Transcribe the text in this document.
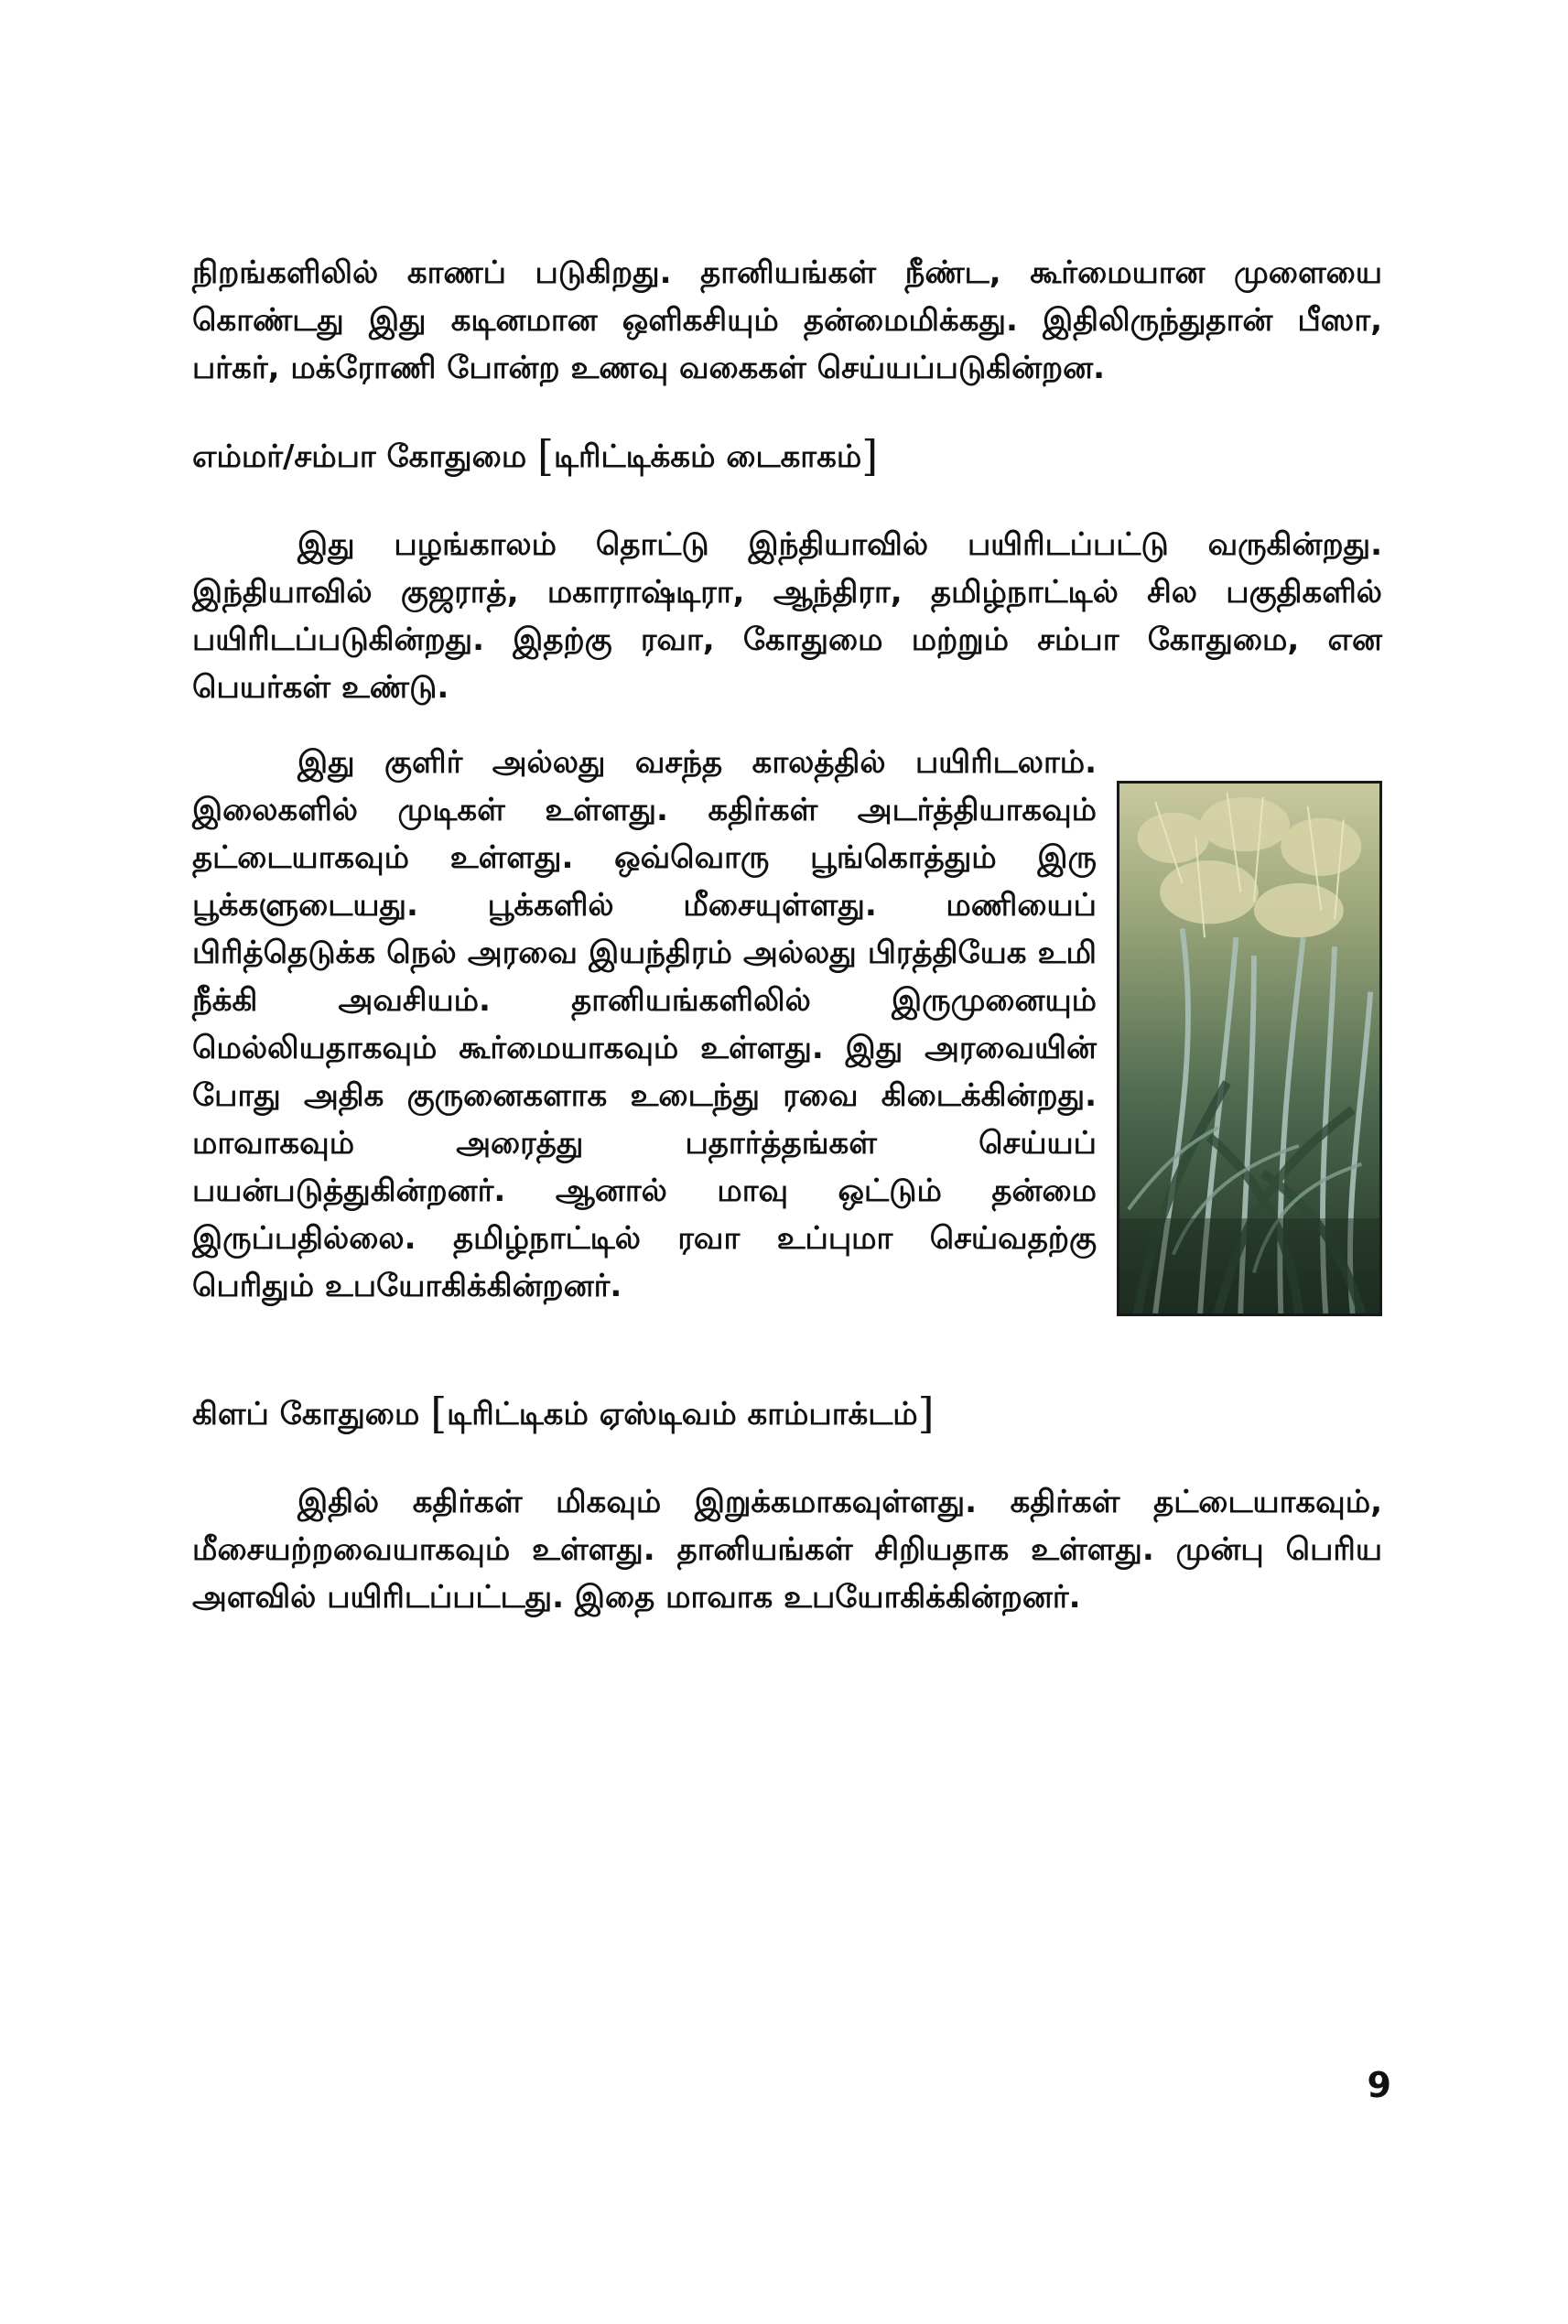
நிறங்களிலில் காணப் படுகிறது. தானியங்கள் நீண்ட, கூர்மையான முளையை கொண்டது இது கடினமான ஒளிகசியும் தன்மைமிக்கது. இதிலிருந்துதான் பீஸா, பர்கர், மக்ரோணி போன்ற உணவு வகைகள் செய்யப்படுகின்றன.

எம்மர்/சம்பா கோதுமை [டிரிட்டிக்கம் டைகாகம்]

இது பழங்காலம் தொட்டு இந்தியாவில் பயிரிடப்பட்டு வருகின்றது. இந்தியாவில் குஜராத், மகாராஷ்டிரா, ஆந்திரா, தமிழ்நாட்டில் சில பகுதிகளில் பயிரிடப்படுகின்றது. இதற்கு ரவா, கோதுமை மற்றும் சம்பா கோதுமை, என பெயர்கள் உண்டு.

இது குளிர் அல்லது வசந்த காலத்தில் பயிரிடலாம். இலைகளில் முடிகள் உள்ளது. கதிர்கள் அடர்த்தியாகவும் தட்டையாகவும் உள்ளது. ஒவ்வொரு பூங்கொத்தும் இரு பூக்களுடையது. பூக்களில் மீசையுள்ளது. மணியைப் பிரித்தெடுக்க நெல் அரவை இயந்திரம் அல்லது பிரத்தியேக உமி நீக்கி அவசியம். தானியங்களிலில் இருமுனையும் மெல்லியதாகவும் கூர்மையாகவும் உள்ளது. இது அரவையின் போது அதிக குருனைகளாக உடைந்து ரவை கிடைக்கின்றது. மாவாகவும் அரைத்து பதார்த்தங்கள் செய்யப் பயன்படுத்துகின்றனர். ஆனால் மாவு ஒட்டும் தன்மை இருப்பதில்லை. தமிழ்நாட்டில் ரவா உப்புமா செய்வதற்கு பெரிதும் உபயோகிக்கின்றனர்.

கிளப் கோதுமை [டிரிட்டிகம் ஏஸ்டிவம் காம்பாக்டம்]

இதில் கதிர்கள் மிகவும் இறுக்கமாகவுள்ளது. கதிர்கள் தட்டையாகவும், மீசையற்றவையாகவும் உள்ளது. தானியங்கள் சிறியதாக உள்ளது. முன்பு பெரிய அளவில் பயிரிடப்பட்டது. இதை மாவாக உபயோகிக்கின்றனர்.

9
